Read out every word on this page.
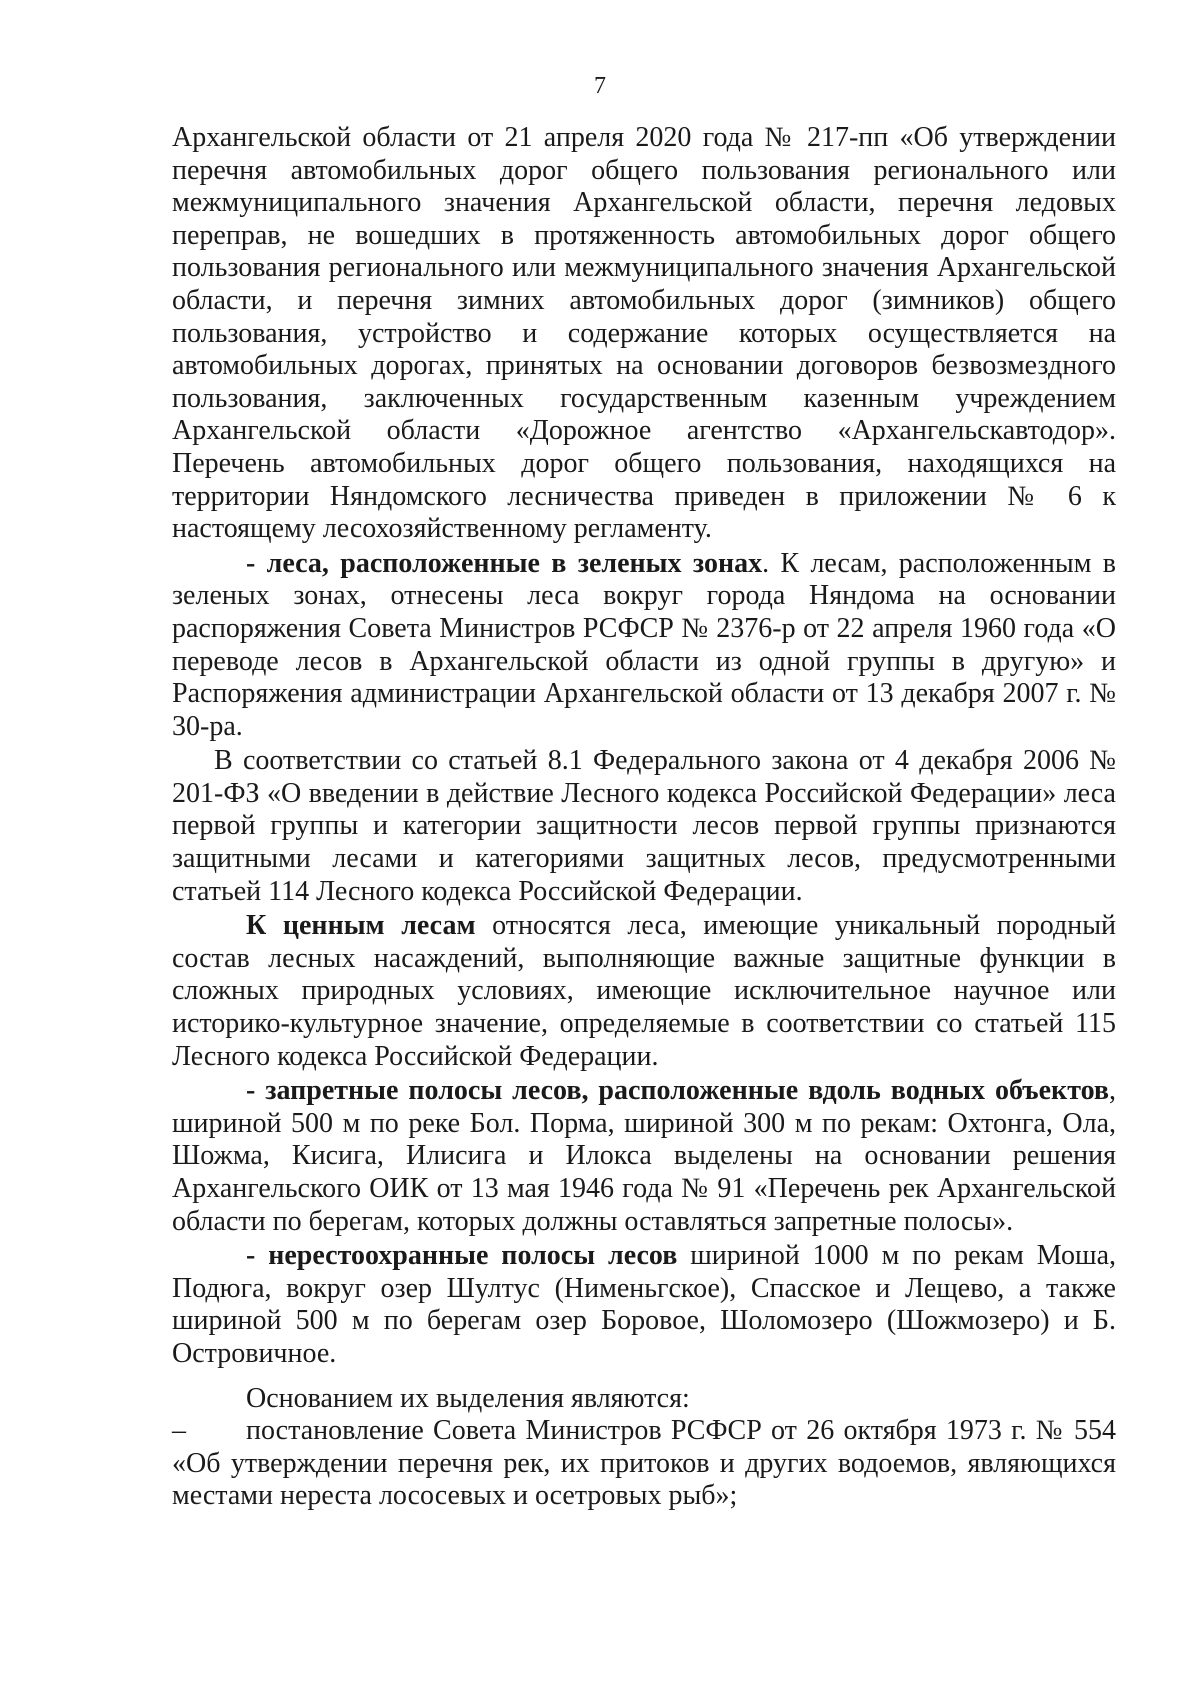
7

Архангельской области от 21 апреля 2020 года № 217-пп «Об утверждении перечня автомобильных дорог общего пользования регионального или межмуниципального значения Архангельской области, перечня ледовых переправ, не вошедших в протяженность автомобильных дорог общего пользования регионального или межмуниципального значения Архангельской области, и перечня зимних автомобильных дорог (зимников) общего пользования, устройство и содержание которых осуществляется на автомобильных дорогах, принятых на основании договоров безвозмездного пользования, заключенных государственным казенным учреждением Архангельской области «Дорожное агентство «Архангельскавтодор». Перечень автомобильных дорог общего пользования, находящихся на территории Няндомского лесничества приведен в приложении № 6 к настоящему лесохозяйственному регламенту.

- леса, расположенные в зеленых зонах. К лесам, расположенным в зеленых зонах, отнесены леса вокруг города Няндома на основании распоряжения Совета Министров РСФСР № 2376-р от 22 апреля 1960 года «О переводе лесов в Архангельской области из одной группы в другую» и Распоряжения администрации Архангельской области от 13 декабря 2007 г. № 30-ра.

В соответствии со статьей 8.1 Федерального закона от 4 декабря 2006 № 201-ФЗ «О введении в действие Лесного кодекса Российской Федерации» леса первой группы и категории защитности лесов первой группы признаются защитными лесами и категориями защитных лесов, предусмотренными статьей 114 Лесного кодекса Российской Федерации.

К ценным лесам относятся леса, имеющие уникальный породный состав лесных насаждений, выполняющие важные защитные функции в сложных природных условиях, имеющие исключительное научное или историко-культурное значение, определяемые в соответствии со статьей 115 Лесного кодекса Российской Федерации.

- запретные полосы лесов, расположенные вдоль водных объектов, шириной 500 м по реке Бол. Порма, шириной 300 м по рекам: Охтонга, Ола, Шожма, Кисига, Илисига и Илокса выделены на основании решения Архангельского ОИК от 13 мая 1946 года № 91 «Перечень рек Архангельской области по берегам, которых должны оставляться запретные полосы».

- нерестоохранные полосы лесов шириной 1000 м по рекам Моша, Подюга, вокруг озер Шултус (Нименьгское), Спасское и Лещево, а также шириной 500 м по берегам озер Боровое, Шоломозеро (Шожмозеро) и Б. Островичное.

Основанием их выделения являются:

– постановление Совета Министров РСФСР от 26 октября 1973 г. № 554 «Об утверждении перечня рек, их притоков и других водоемов, являющихся местами нереста лососевых и осетровых рыб»;
